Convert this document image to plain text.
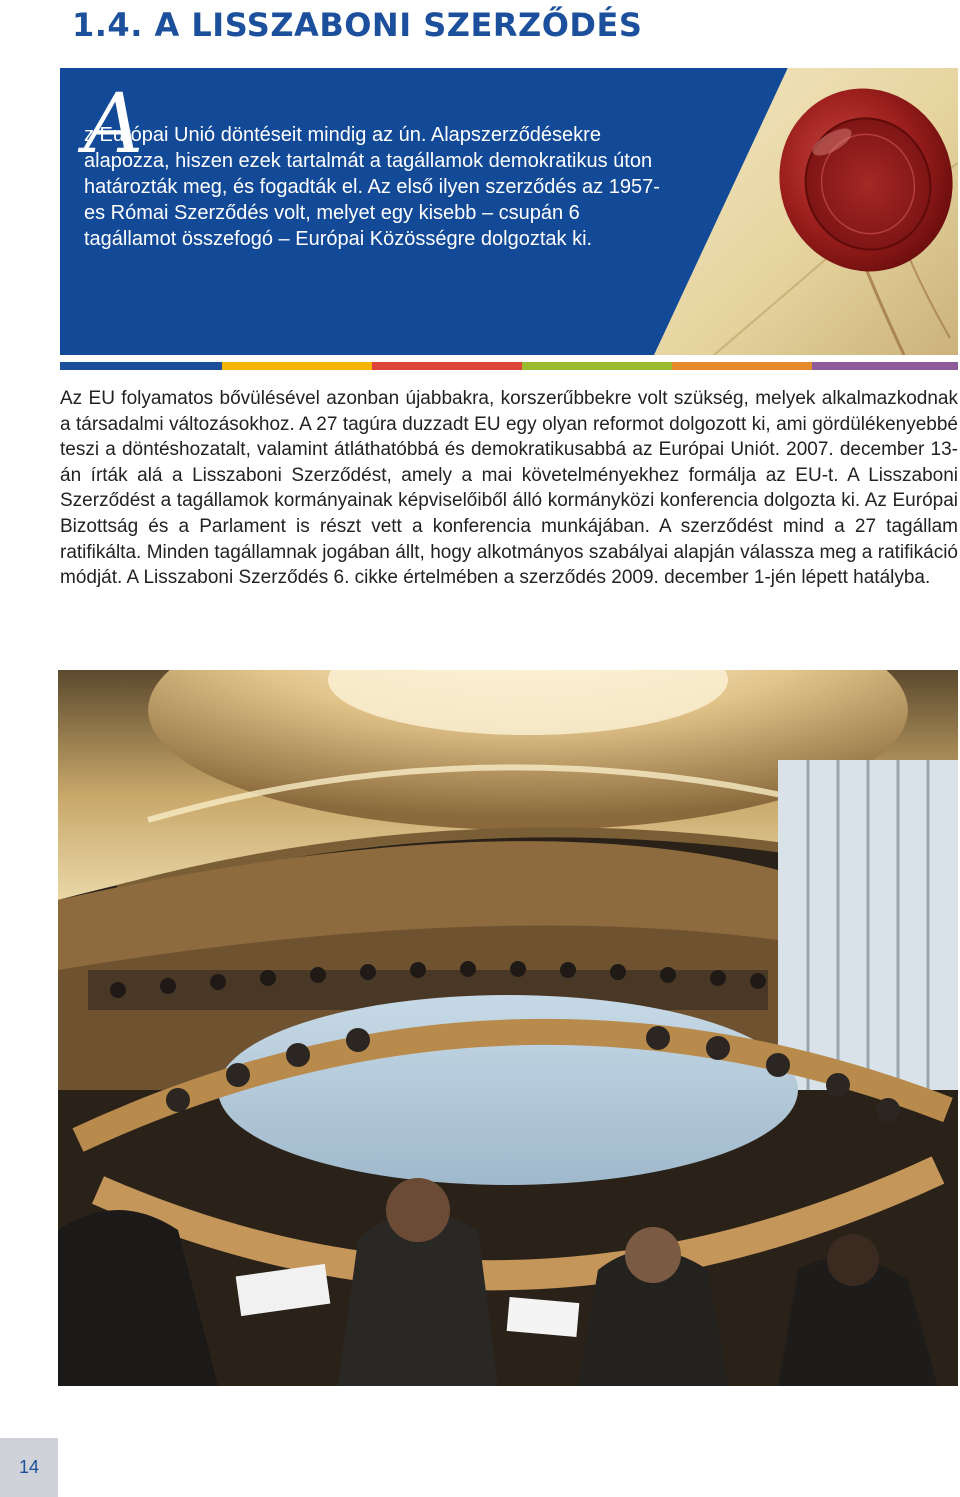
1.4. A LISSZABONI SZERZŐDÉS
A

z Európai Unió döntéseit mindig az ún. Alapszerződésekre alapozza, hiszen ezek tartalmát a tagállamok demokratikus úton határozták meg, és fogadták el. Az első ilyen szerződés az 1957-es Római Szerződés volt, melyet egy kisebb – csupán 6 tagállamot összefogó – Európai Közösségre dolgoztak ki.

Az EU folyamatos bővülésével azonban újabbakra, korszerűbbekre volt szükség, melyek alkalmazkodnak a társadalmi változásokhoz. A 27 tagúra duzzadt EU egy olyan reformot dolgozott ki, ami gördülékenyebbé teszi a döntéshozatalt, valamint átláthatóbbá és demokratikusabbá az Európai Uniót. 2007. december 13-án írták alá a Lisszaboni Szerződést, amely a mai követelményekhez formálja az EU-t. A Lisszaboni Szerződést a tagállamok kormányainak képviselőiből álló kormányközi konferencia dolgozta ki. Az Európai Bizottság és a Parlament is részt vett a konferencia munkájában. A szerződést mind a 27 tagállam ratifikálta. Minden tagállamnak jogában állt, hogy alkotmányos szabályai alapján válassza meg a ratifikáció módját. A Lisszaboni Szerződés 6. cikke értelmében a szerződés 2009. december 1-jén lépett hatályba.

14
